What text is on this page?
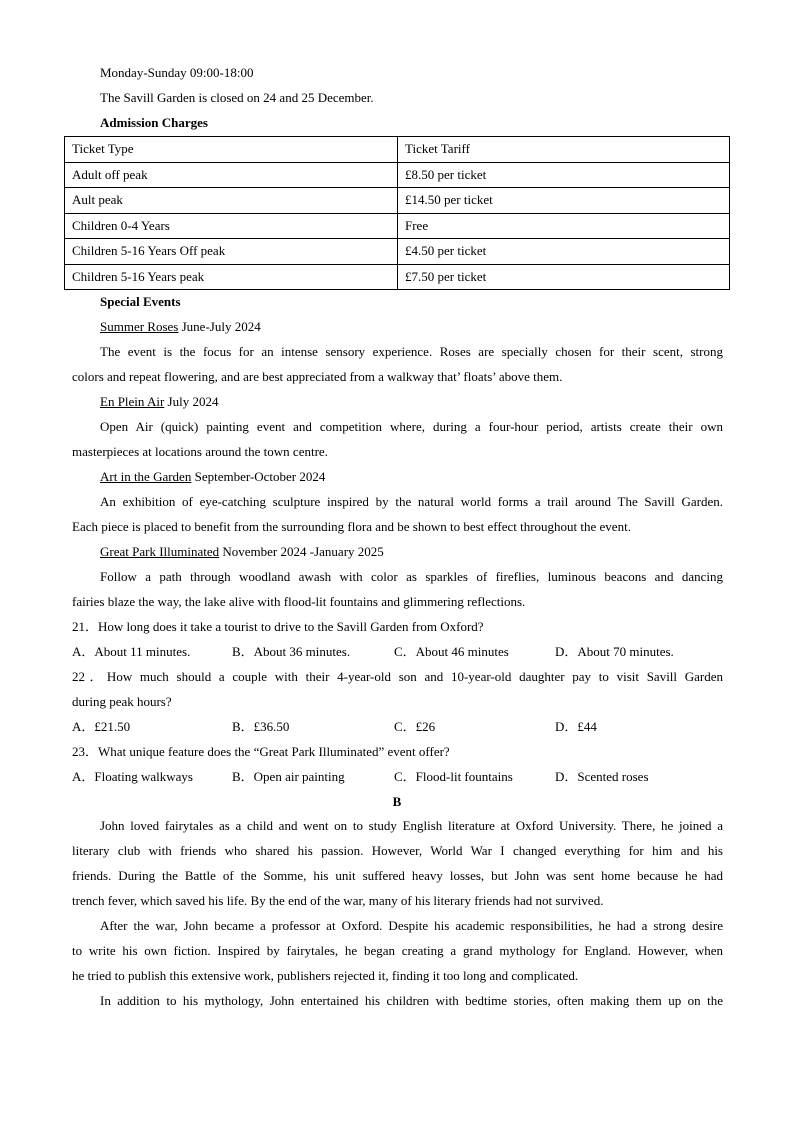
Monday-Sunday 09:00-18:00
The Savill Garden is closed on 24 and 25 December.
Admission Charges
Ticket Type	Ticket Tariff
Adult off peak	£8.50 per ticket
Ault peak	£14.50 per ticket
Children 0-4 Years	Free
Children 5-16 Years Off peak	£4.50 per ticket
Children 5-16 Years peak	£7.50 per ticket
Special Events
Summer Roses June-July 2024
The event is the focus for an intense sensory experience. Roses are specially chosen for their scent, strong
colors and repeat flowering, and are best appreciated from a walkway that’ floats’ above them.
En Plein Air July 2024
Open Air (quick) painting event and competition where, during a four-hour period, artists create their own
masterpieces at locations around the town centre.
Art in the Garden September-October 2024
An exhibition of eye-catching sculpture inspired by the natural world forms a trail around The Savill Garden.
Each piece is placed to benefit from the surrounding flora and be shown to best effect throughout the event.
Great Park Illuminated November 2024 -January 2025
Follow a path through woodland awash with color as sparkles of fireflies, luminous beacons and dancing
fairies blaze the way, the lake alive with flood-lit fountains and glimmering reflections.
21．How long does it take a tourist to drive to the Savill Garden from Oxford?
A．About 11 minutes.	B．About 36 minutes.	C．About 46 minutes	D．About 70 minutes.
22．How much should a couple with their 4-year-old son and 10-year-old daughter pay to visit Savill Garden
during peak hours?
A．£21.50	B．£36.50	C．£26	D．£44
23．What unique feature does the “Great Park Illuminated” event offer?
A．Floating walkways	B．Open air painting	C．Flood-lit fountains	D．Scented roses
B
John loved fairytales as a child and went on to study English literature at Oxford University. There, he joined a
literary club with friends who shared his passion. However, World War I changed everything for him and his
friends. During the Battle of the Somme, his unit suffered heavy losses, but John was sent home because he had
trench fever, which saved his life. By the end of the war, many of his literary friends had not survived.
After the war, John became a professor at Oxford. Despite his academic responsibilities, he had a strong desire
to write his own fiction. Inspired by fairytales, he began creating a grand mythology for England. However, when
he tried to publish this extensive work, publishers rejected it, finding it too long and complicated.
In addition to his mythology, John entertained his children with bedtime stories, often making them up on the
